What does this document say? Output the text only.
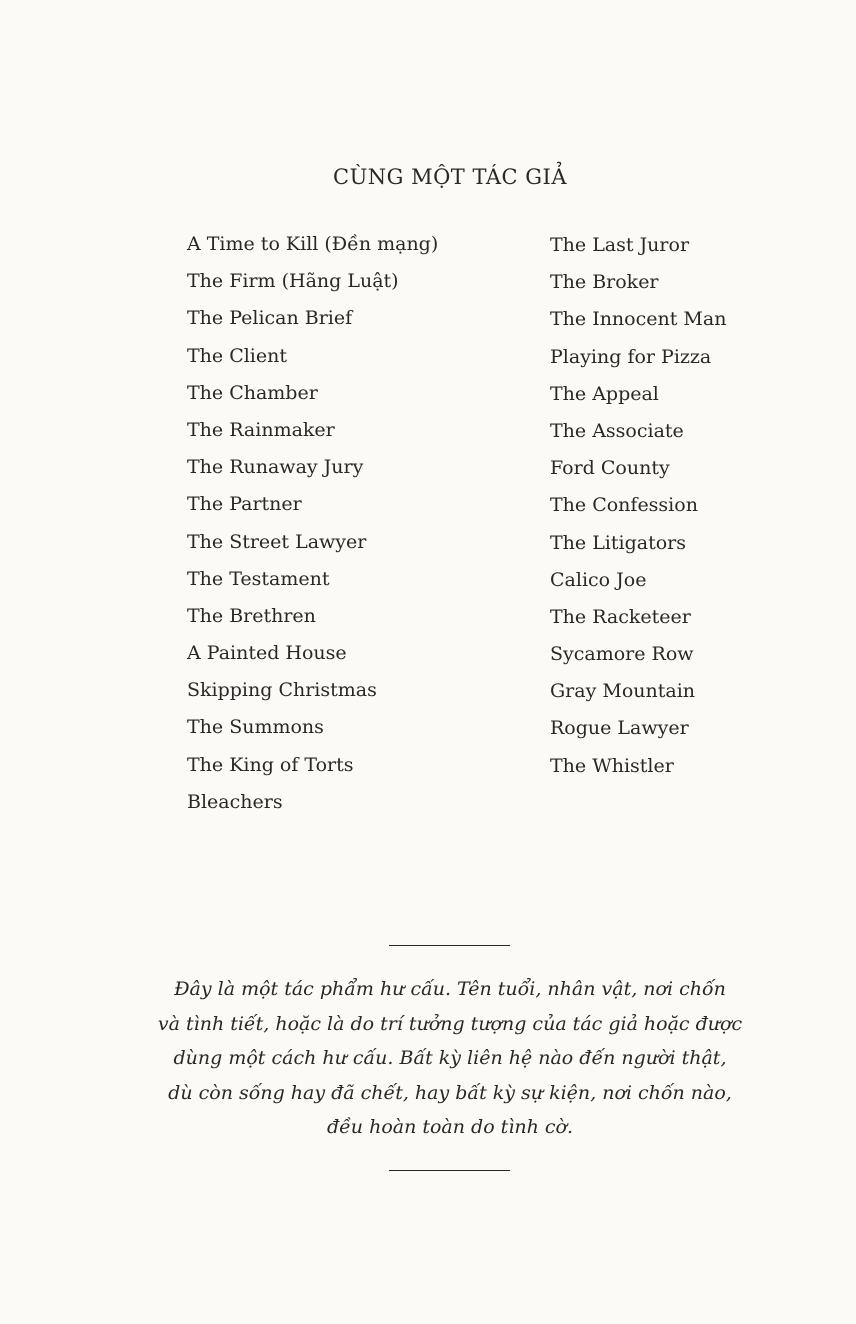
CÙNG MỘT TÁC GIẢ
A Time to Kill (Đền mạng)
The Firm (Hãng Luật)
The Pelican Brief
The Client
The Chamber
The Rainmaker
The Runaway Jury
The Partner
The Street Lawyer
The Testament
The Brethren
A Painted House
Skipping Christmas
The Summons
The King of Torts
Bleachers
The Last Juror
The Broker
The Innocent Man
Playing for Pizza
The Appeal
The Associate
Ford County
The Confession
The Litigators
Calico Joe
The Racketeer
Sycamore Row
Gray Mountain
Rogue Lawyer
The Whistler

Đây là một tác phẩm hư cấu. Tên tuổi, nhân vật, nơi chốn
và tình tiết, hoặc là do trí tưởng tượng của tác giả hoặc được
dùng một cách hư cấu. Bất kỳ liên hệ nào đến người thật,
dù còn sống hay đã chết, hay bất kỳ sự kiện, nơi chốn nào,
đều hoàn toàn do tình cờ.
